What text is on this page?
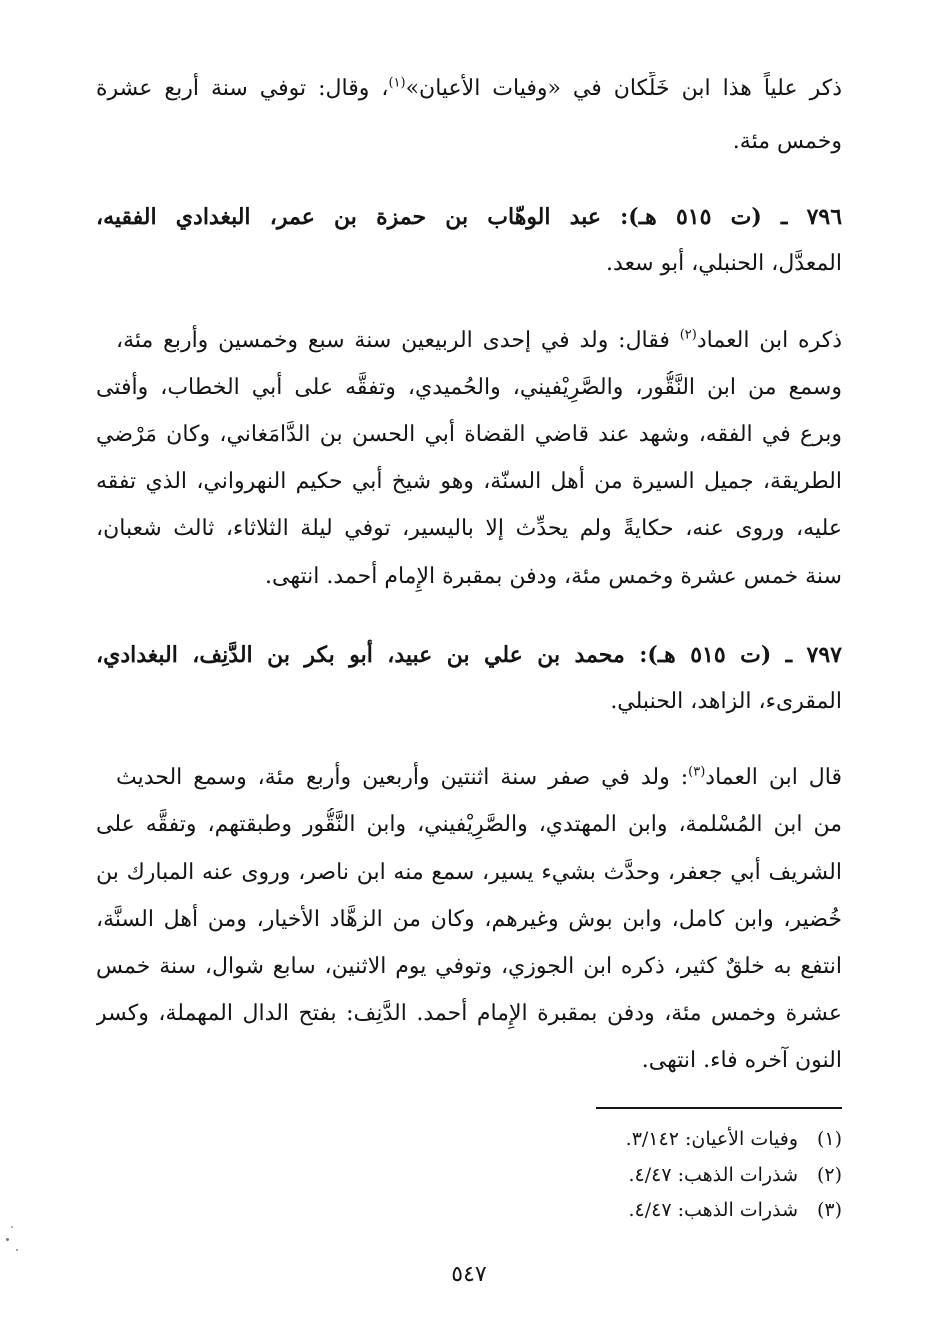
ذكر علياً هذا ابن خَلِّكان في «وفيات الأعيان»$^{(١)}$، وقال: توفي سنة أربع عشرة
وخمس مئة.
٧٩٦ ـ (ت ٥١٥ هـ): عبد الوهّاب بن حمزة بن عمر، البغدادي الفقيه،
المعدَّل، الحنبلي، أبو سعد.
ذكره ابن العماد$^{(٢)}$ فقال: ولد في إحدى الربيعين سنة سبع وخمسين وأربع مئة،
وسمع من ابن النَّقُّور، والصَّرِيْفيني، والحُميدي، وتفقَّه على أبي الخطاب، وأفتى
وبرع في الفقه، وشهد عند قاضي القضاة أبي الحسن بن الدَّامَغاني، وكان مَرْضي
الطريقة، جميل السيرة من أهل السنّة، وهو شيخ أبي حكيم النهرواني، الذي تفقه
عليه، وروى عنه، حكايةً ولم يحدِّث إلا باليسير، توفي ليلة الثلاثاء، ثالث شعبان،
سنة خمس عشرة وخمس مئة، ودفن بمقبرة الإِمام أحمد. انتهى.
٧٩٧ ـ (ت ٥١٥ هـ): محمد بن علي بن عبيد، أبو بكر بن الدَّنِف، البغدادي،
المقرىء، الزاهد، الحنبلي.
قال ابن العماد$^{(٣)}$: ولد في صفر سنة اثنتين وأربعين وأربع مئة، وسمع الحديث
من ابن المُسْلمة، وابن المهتدي، والصَّرِيْفيني، وابن النَّقُّور وطبقتهم، وتفقَّه على
الشريف أبي جعفر، وحدَّث بشيء يسير، سمع منه ابن ناصر، وروى عنه المبارك بن
خُضير، وابن كامل، وابن بوش وغيرهم، وكان من الزهَّاد الأخيار، ومن أهل السنَّة،
انتفع به خلقٌ كثير، ذكره ابن الجوزي، وتوفي يوم الاثنين، سابع شوال، سنة خمس
عشرة وخمس مئة، ودفن بمقبرة الإِمام أحمد. الدَّنِف: بفتح الدال المهملة، وكسر
النون آخره فاء. انتهى.
(١)وفيات الأعيان: ٣/١٤٢.
(٢)شذرات الذهب: ٤/٤٧.
(٣)شذرات الذهب: ٤/٤٧.
٥٤٧
